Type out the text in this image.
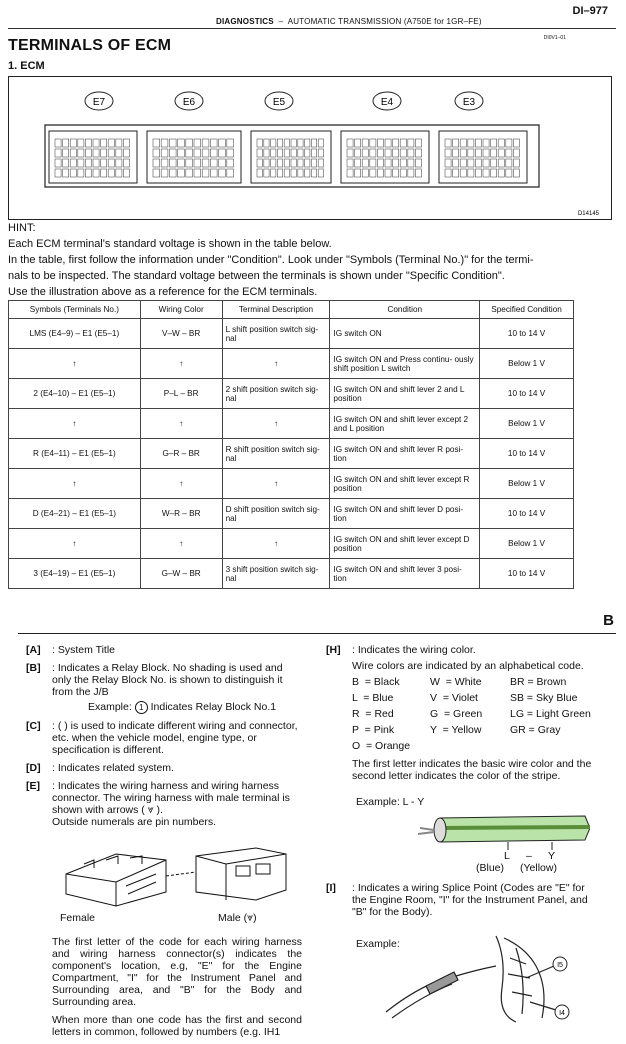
DI–977
DIAGNOSTICS – AUTOMATIC TRANSMISSION (A750E for 1GR–FE)
DI0V1–01
TERMINALS OF ECM
1. ECM
E7	E6	E5	E4	E3
D14145
HINT:
Each ECM terminal's standard voltage is shown in the table below.
In the table, first follow the information under "Condition". Look under "Symbols (Terminal No.)" for the termi-
nals to be inspected. The standard voltage between the terminals is shown under "Specific Condition".
Use the illustration above as a reference for the ECM terminals.
Symbols (Terminals No.)	Wiring Color	Terminal Description	Condition	Specified Condition
LMS (E4–9) – E1 (E5–1)	V–W – BR	L shift position switch sig- nal	IG switch ON	10 to 14 V
↑	↑	↑	IG switch ON and Press continu- ously shift position L switch	Below 1 V
2 (E4–10) – E1 (E5–1)	P–L – BR	2 shift position switch sig- nal	IG switch ON and shift lever 2 and L position	10 to 14 V
↑	↑	↑	IG switch ON and shift lever except 2 and L position	Below 1 V
R (E4–11) – E1 (E5–1)	G–R – BR	R shift position switch sig- nal	IG switch ON and shift lever R posi- tion	10 to 14 V
↑	↑	↑	IG switch ON and shift lever except R position	Below 1 V
D (E4–21) – E1 (E5–1)	W–R – BR	D shift position switch sig- nal	IG switch ON and shift lever D posi- tion	10 to 14 V
↑	↑	↑	IG switch ON and shift lever except D position	Below 1 V
3 (E4–19) – E1 (E5–1)	G–W – BR	3 shift position switch sig- nal	IG switch ON and shift lever 3 posi- tion	10 to 14 V
B
[A] : System Title
[B] : Indicates a Relay Block. No shading is used and only the Relay Block No. is shown to distinguish it from the J/B
Example: 1 Indicates Relay Block No.1
[C] : ( ) is used to indicate different wiring and connector, etc. when the vehicle model, engine type, or specification is different.
[D] : Indicates related system.
[E] : Indicates the wiring harness and wiring harness connector. The wiring harness with male terminal is shown with arrows ( ⩔ ).
Outside numerals are pin numbers.
Female	Male (⩔)
The first letter of the code for each wiring harness and wiring harness connector(s) indicates the component's location, e.g, "E" for the Engine Compartment, "I" for the Instrument Panel and Surrounding area, and "B" for the Body and Surrounding area.
When more than one code has the first and second letters in common, followed by numbers (e.g. IH1
[H] : Indicates the wiring color.
Wire colors are indicated by an alphabetical code.
B  = Black	W  = White	BR = Brown
L  = Blue	V  = Violet	SB = Sky Blue
R  = Red	G  = Green	LG = Light Green
P  = Pink	Y  = Yellow	GR = Gray
O  = Orange
The first letter indicates the basic wire color and the second letter indicates the color of the stripe.
Example: L - Y
L – Y
(Blue) (Yellow)
[I] : Indicates a wiring Splice Point (Codes are "E" for the Engine Room, "I" for the Instrument Panel, and "B" for the Body).
Example:
I5
I4
